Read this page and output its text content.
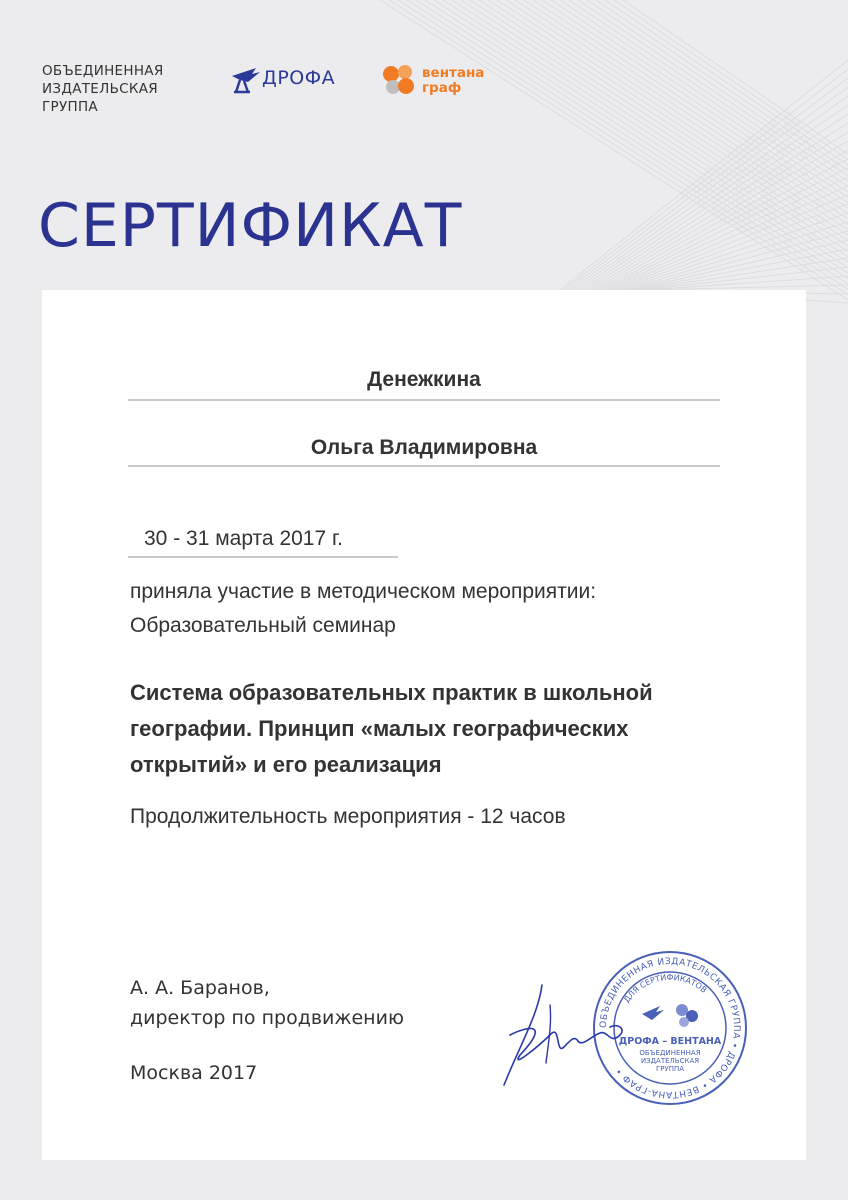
ОБЪЕДИНЕННАЯ
ИЗДАТЕЛЬСКАЯ
ГРУППА
ДРОФА	вентана
граф
СЕРТИФИКАТ
Денежкина
Ольга Владимировна
30 - 31 марта 2017 г.
приняла участие в методическом мероприятии:
Образовательный семинар
Система образовательных практик в школьной географии. Принцип «малых географических открытий» и его реализация
Продолжительность мероприятия - 12 часов
А. А. Баранов,
директор по продвижению
Москва 2017
ОБЪЕДИНЕННАЯ ИЗДАТЕЛЬСКАЯ ГРУППА • ДРОФА • ВЕНТАНА-ГРАФ •
ДЛЯ СЕРТИФИКАТОВ
ДРОФА – ВЕНТАНА
ОБЪЕДИНЕННАЯ
ИЗДАТЕЛЬСКАЯ
ГРУППА
